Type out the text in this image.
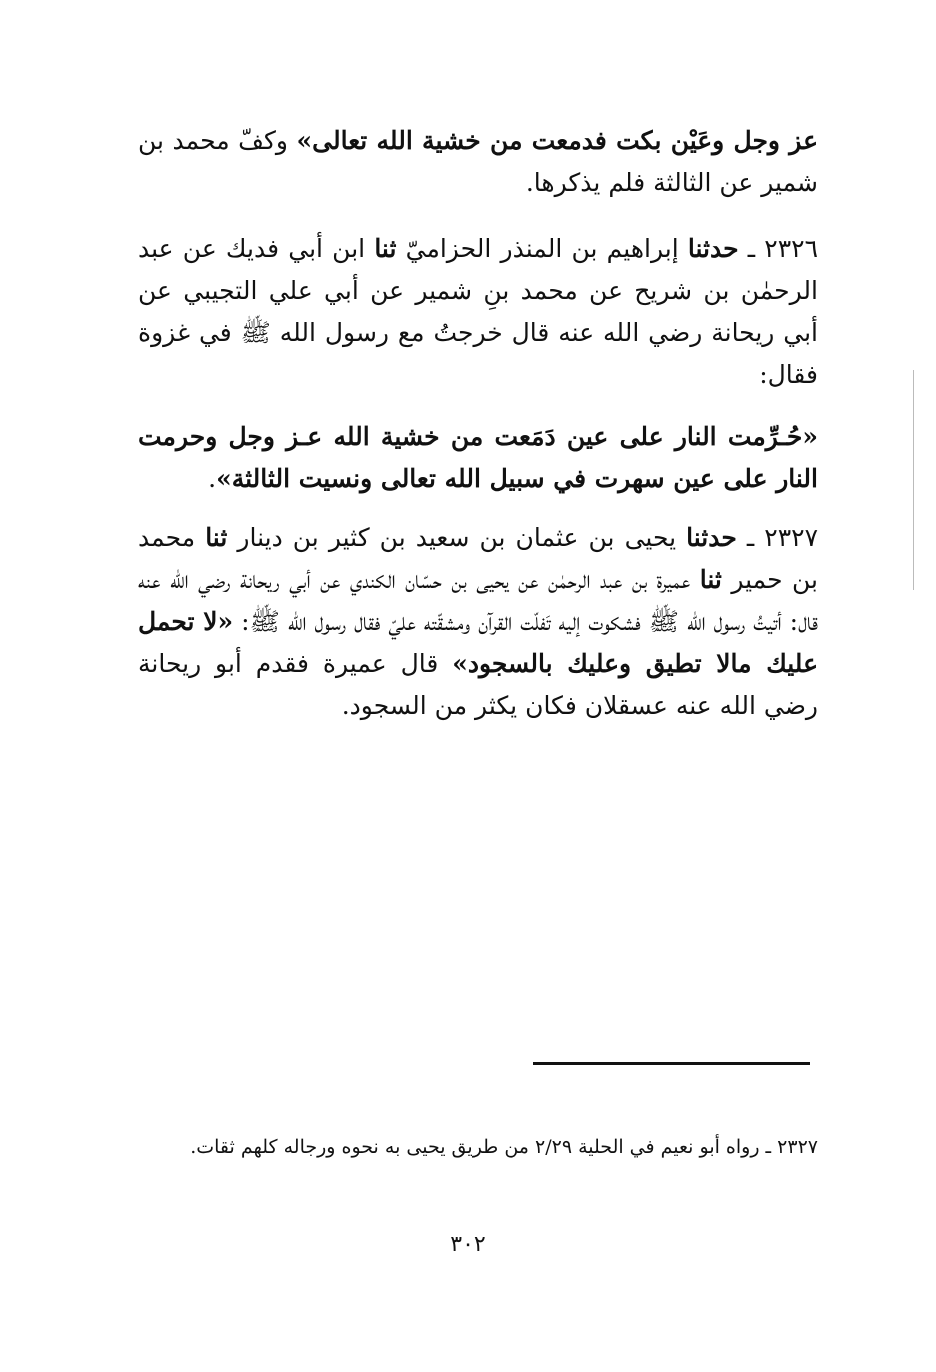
عز وجل وعَيْن بكت فدمعت من خشية الله تعالى» وكفّ محمد بن شمير عن الثالثة فلم يذكرها.

٢٣٢٦ ـ حدثنا إبراهيم بن المنذر الحزاميّ ثنا ابن أبي فديك عن عبد الرحمٰن بن شريح عن محمد بنِ شمير عن أبي علي التجيبي عن أبي ريحانة رضي الله عنه قال خرجتُ مع رسول الله ﷺ في غزوة فقال:

«حُـرِّمت النار على عين دَمَعت من خشية الله عـز وجل وحرمت النار على عين سهرت في سبيل الله تعالى ونسيت الثالثة».

٢٣٢٧ ـ حدثنا يحيى بن عثمان بن سعيد بن كثير بن دينار ثنا محمد بن حمير ثنا عميرة بن عبد الرحمٰن عن يحيى بن حسّان الكندي عن أبي ريحانة رضي الله عنه قال: أتيتُ رسول الله ﷺ فشكوت إليه تَفلّت القرآن ومشقّته عليّ فقال رسول الله ﷺ: «لا تحمل عليك مالا تطيق وعليك بالسجود» قال عميرة فقدم أبو ريحانة رضي الله عنه عسقلان فكان يكثر من السجود.

٢٣٢٧ ـ رواه أبو نعيم في الحلية ٢/٢٩ من طريق يحيى به نحوه ورجاله كلهم ثقات.

٣٠٢
